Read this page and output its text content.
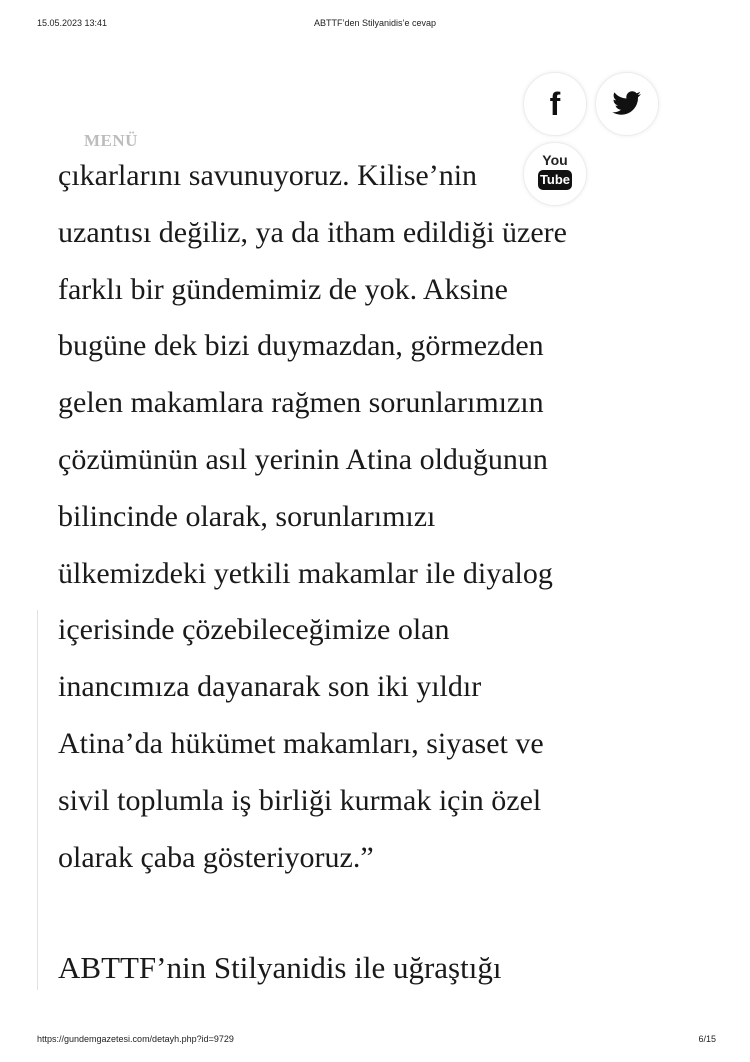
15.05.2023 13:41	ABTTF’den Stilyanidis’e cevap

çıkarlarını savunuyoruz. Kilise’nin

uzantısı değiliz, ya da itham edildiği üzere

farklı bir gündemimiz de yok. Aksine

bugüne dek bizi duymazdan, görmezden

gelen makamlara rağmen sorunlarımızın

çözümünün asıl yerinin Atina olduğunun

bilincinde olarak, sorunlarımızı

ülkemizdeki yetkili makamlar ile diyalog

içerisinde çözebileceğimize olan

inancımıza dayanarak son iki yıldır

Atina’da hükümet makamları, siyaset ve

sivil toplumla iş birliği kurmak için özel

olarak çaba gösteriyoruz.”

ABTTF’nin Stilyanidis ile uğraştığı

MENÜ
f
You
Tube
https://gundemgazetesi.com/detayh.php?id=9729	6/15
